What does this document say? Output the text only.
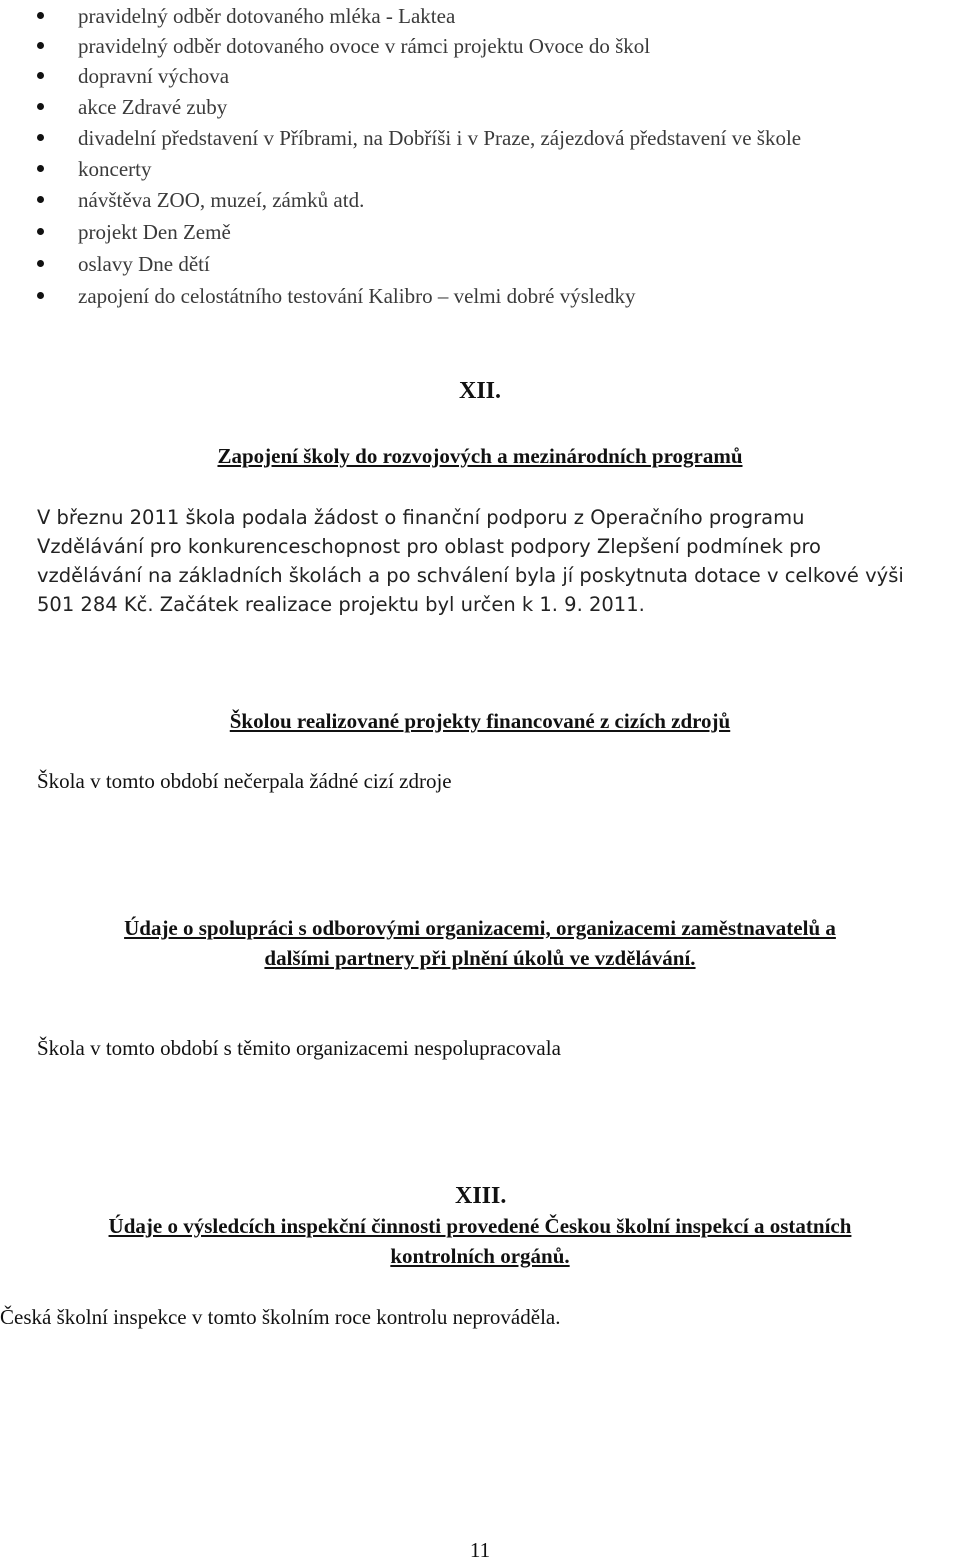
pravidelný odběr dotovaného mléka - Laktea
pravidelný odběr dotovaného ovoce v rámci projektu Ovoce do škol
dopravní výchova
akce Zdravé zuby
divadelní představení v Příbrami, na Dobříši i v Praze, zájezdová představení ve škole
koncerty
návštěva ZOO, muzeí, zámků atd.
projekt Den Země
oslavy Dne dětí
zapojení do celostátního testování Kalibro – velmi dobré výsledky
XII.
Zapojení školy do rozvojových a mezinárodních programů
V březnu 2011 škola podala žádost o finanční podporu z Operačního programu
Vzdělávání pro konkurenceschopnost pro oblast podpory Zlepšení podmínek pro
vzdělávání na základních školách a po schválení byla jí poskytnuta dotace v celkové výši
501 284 Kč. Začátek realizace projektu byl určen k 1. 9. 2011.
Školou realizované projekty financované z cizích zdrojů
Škola v tomto období nečerpala žádné cizí zdroje
Údaje o spolupráci s odborovými organizacemi, organizacemi zaměstnavatelů a
dalšími partnery při plnění úkolů ve vzdělávání.
Škola v tomto období s těmito organizacemi nespolupracovala
XIII.
Údaje o výsledcích inspekční činnosti provedené Českou školní inspekcí a ostatních
kontrolních orgánů.
Česká školní inspekce v tomto školním roce kontrolu neprováděla.
11
